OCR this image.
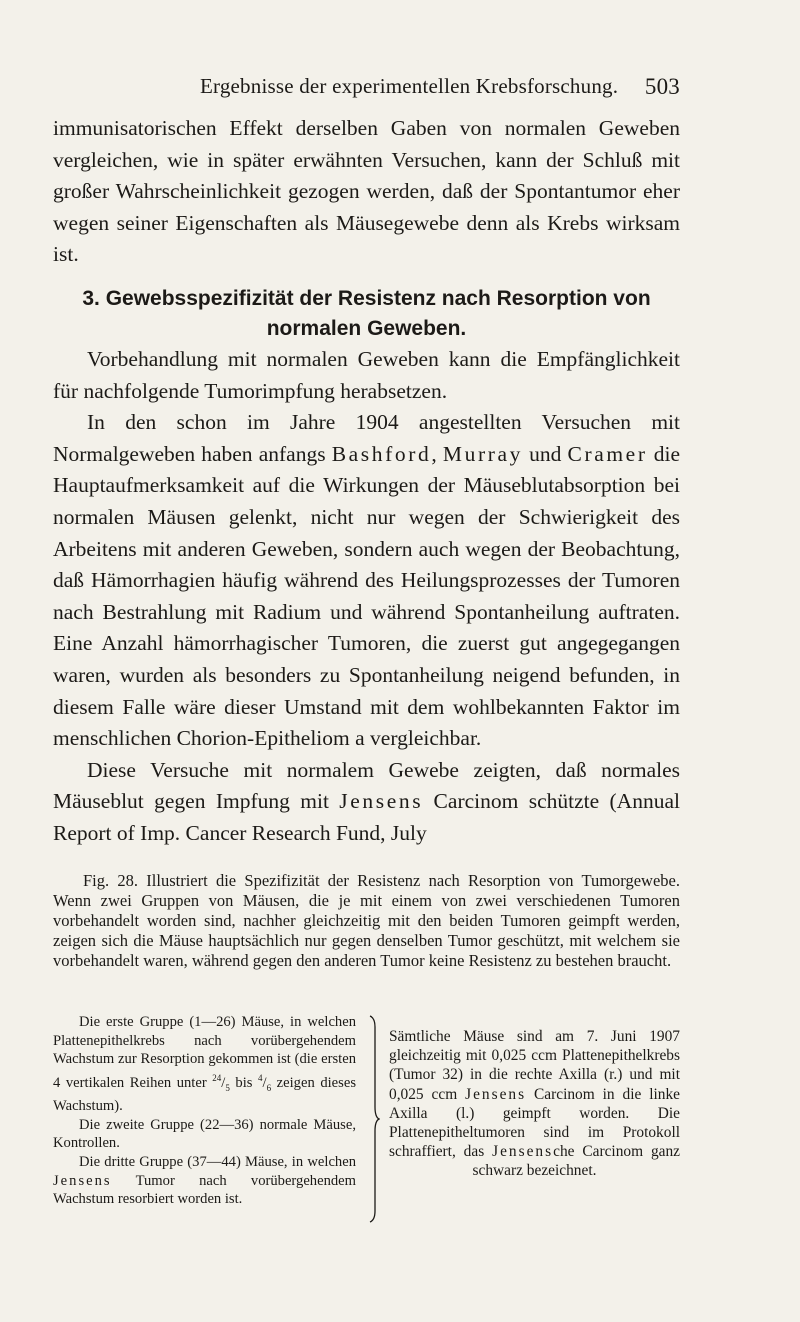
Ergebnisse der experimentellen Krebsforschung. 503

immunisatorischen Effekt derselben Gaben von normalen Geweben vergleichen, wie in später erwähnten Versuchen, kann der Schluß mit großer Wahrscheinlichkeit gezogen werden, daß der Spontantumor eher wegen seiner Eigenschaften als Mäusegewebe denn als Krebs wirksam ist.

3. Gewebsspezifizität der Resistenz nach Resorption von normalen Geweben.

Vorbehandlung mit normalen Geweben kann die Empfänglichkeit für nachfolgende Tumorimpfung herabsetzen.

In den schon im Jahre 1904 angestellten Versuchen mit Normalgeweben haben anfangs Bashford, Murray und Cramer die Hauptaufmerksamkeit auf die Wirkungen der Mäuseblutabsorption bei normalen Mäusen gelenkt, nicht nur wegen der Schwierigkeit des Arbeitens mit anderen Geweben, sondern auch wegen der Beobachtung, daß Hämorrhagien häufig während des Heilungsprozesses der Tumoren nach Bestrahlung mit Radium und während Spontanheilung auftraten. Eine Anzahl hämorrhagischer Tumoren, die zuerst gut angegegangen waren, wurden als besonders zu Spontanheilung neigend befunden, in diesem Falle wäre dieser Umstand mit dem wohlbekannten Faktor im menschlichen Chorion-Epitheliom a vergleichbar.

Diese Versuche mit normalem Gewebe zeigten, daß normales Mäuseblut gegen Impfung mit Jensens Carcinom schützte (Annual Report of Imp. Cancer Research Fund, July

Fig. 28. Illustriert die Spezifizität der Resistenz nach Resorption von Tumorgewebe. Wenn zwei Gruppen von Mäusen, die je mit einem von zwei verschiedenen Tumoren vorbehandelt worden sind, nachher gleichzeitig mit den beiden Tumoren geimpft werden, zeigen sich die Mäuse hauptsächlich nur gegen denselben Tumor geschützt, mit welchem sie vorbehandelt waren, während gegen den anderen Tumor keine Resistenz zu bestehen braucht.

Die erste Gruppe (1—26) Mäuse, in welchen Plattenepithelkrebs nach vorübergehendem Wachstum zur Resorption gekommen ist (die ersten 4 vertikalen Reihen unter $^{24}/_5$ bis $^4/_6$ zeigen dieses Wachstum).

Die zweite Gruppe (22—36) normale Mäuse, Kontrollen.

Die dritte Gruppe (37—44) Mäuse, in welchen Jensens Tumor nach vorübergehendem Wachstum resorbiert worden ist.

Sämtliche Mäuse sind am 7. Juni 1907 gleichzeitig mit 0,025 ccm Plattenepithelkrebs (Tumor 32) in die rechte Axilla (r.) und mit 0,025 ccm Jensens Carcinom in die linke Axilla (l.) geimpft worden. Die Plattenepitheltumoren sind im Protokoll schraffiert, das Jensensche Carcinom ganz schwarz bezeichnet.
